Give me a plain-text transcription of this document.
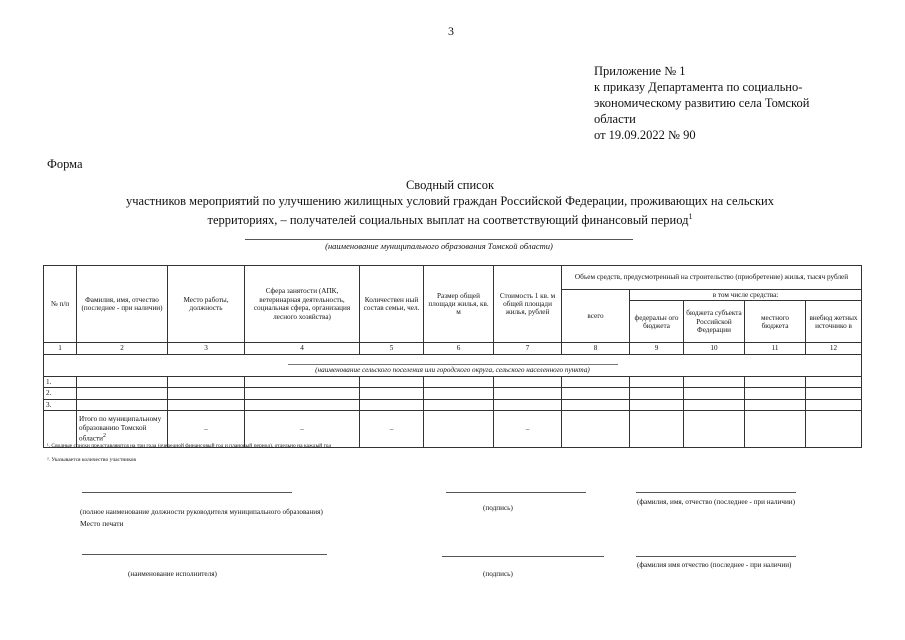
3
Приложение № 1
к приказу Департамента по социально-
экономическому развитию села Томской
области
от 19.09.2022 № 90
Форма
Сводный список
участников мероприятий по улучшению жилищных условий граждан Российской Федерации, проживающих на сельских
территориях, – получателей социальных выплат на соответствующий финансовый период$^1$
(наименование муниципального образования Томской области)
№ п/п	Фамилия, имя, отчество (последнее - при наличии)	Место работы, должность	Сфера занятости (АПК, ветеринарная деятельность, социальная сфера, организация лесного хозяйства)	Количествен ный состав семьи, чел.	Размер общей площади жилья, кв. м	Стоимость 1 кв. м общей площади жилья, рублей	Объем средств, предусмотренный на строительство (приобретение) жилья, тысяч рублей				
							всего	в том числе средства:			
								федеральн ого бюджета	бюджета субъекта Российской Федерации	местного бюджета	внебюд жетных источнико в
1	2	3	4	5	6	7	8	9	10	11	12

(наименование сельского поселения или городского округа, сельского населенного пункта)											

1.											
2.											
3.											
	Итого по муниципальному образованию Томской области$^2$	–	–	–		–					
¹. Сводные списки представляются на три года (очередной финансовый год и плановый период), отдельно на каждый год
². Указывается количество участников
(полное наименование должности руководителя муниципального образования)	(подпись)
(фамилия, имя, отчество (последнее - при наличии)
Место печати
(наименование исполнителя)	(подпись)
(фамилия имя отчество (последнее - при наличии)
